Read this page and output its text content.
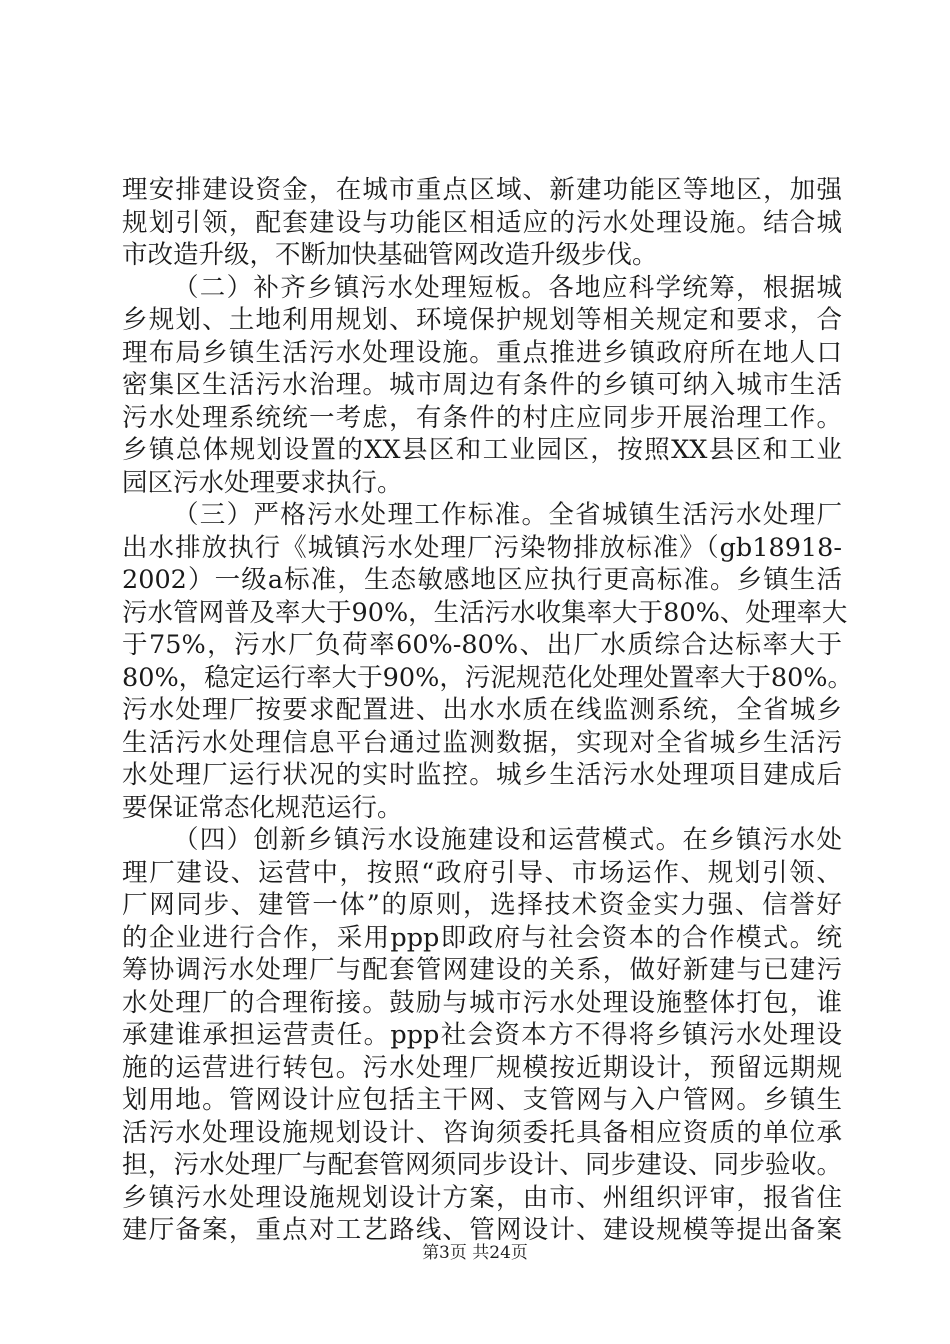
理安排建设资金，在城市重点区域、新建功能区等地区，加强
规划引领，配套建设与功能区相适应的污水处理设施。结合城
市改造升级，不断加快基础管网改造升级步伐。
（二）补齐乡镇污水处理短板。各地应科学统筹，根据城
乡规划、土地利用规划、环境保护规划等相关规定和要求，合
理布局乡镇生活污水处理设施。重点推进乡镇政府所在地人口
密集区生活污水治理。城市周边有条件的乡镇可纳入城市生活
污水处理系统统一考虑，有条件的村庄应同步开展治理工作。
乡镇总体规划设置的XX县区和工业园区，按照XX县区和工业
园区污水处理要求执行。
（三）严格污水处理工作标准。全省城镇生活污水处理厂
出水排放执行《城镇污水处理厂污染物排放标准》（gb18918-
2002）一级a标准，生态敏感地区应执行更高标准。乡镇生活
污水管网普及率大于90%，生活污水收集率大于80%、处理率大
于75%，污水厂负荷率60%-80%、出厂水质综合达标率大于
80%，稳定运行率大于90%，污泥规范化处理处置率大于80%。
污水处理厂按要求配置进、出水水质在线监测系统，全省城乡
生活污水处理信息平台通过监测数据，实现对全省城乡生活污
水处理厂运行状况的实时监控。城乡生活污水处理项目建成后
要保证常态化规范运行。
（四）创新乡镇污水设施建设和运营模式。在乡镇污水处
理厂建设、运营中，按照“政府引导、市场运作、规划引领、
厂网同步、建管一体”的原则，选择技术资金实力强、信誉好
的企业进行合作，采用ppp即政府与社会资本的合作模式。统
筹协调污水处理厂与配套管网建设的关系，做好新建与已建污
水处理厂的合理衔接。鼓励与城市污水处理设施整体打包，谁
承建谁承担运营责任。ppp社会资本方不得将乡镇污水处理设
施的运营进行转包。污水处理厂规模按近期设计，预留远期规
划用地。管网设计应包括主干网、支管网与入户管网。乡镇生
活污水处理设施规划设计、咨询须委托具备相应资质的单位承
担，污水处理厂与配套管网须同步设计、同步建设、同步验收。
乡镇污水处理设施规划设计方案，由市、州组织评审，报省住
建厅备案，重点对工艺路线、管网设计、建设规模等提出备案
第3页 共24页
